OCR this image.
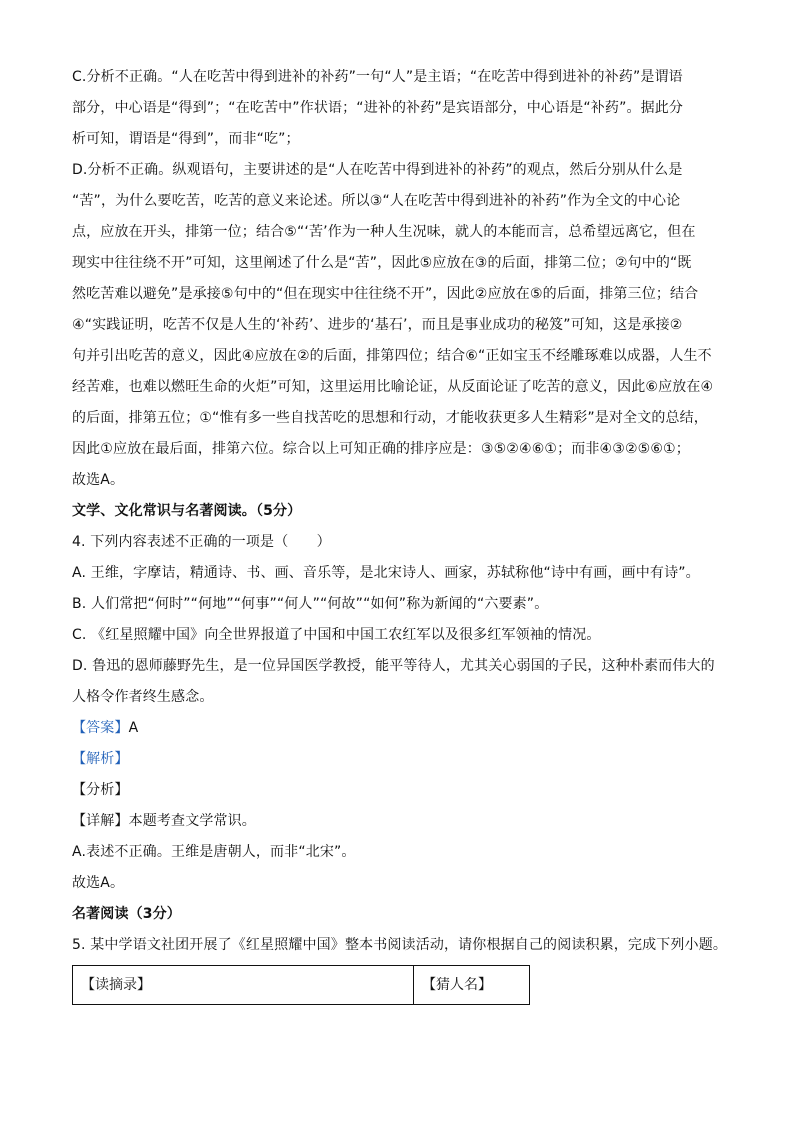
C.分析不正确。“人在吃苦中得到进补的补药”一句“人”是主语；“在吃苦中得到进补的补药”是谓语
部分，中心语是“得到”；“在吃苦中”作状语；“进补的补药”是宾语部分，中心语是“补药”。据此分
析可知，谓语是“得到”，而非“吃”；
D.分析不正确。纵观语句，主要讲述的是“人在吃苦中得到进补的补药”的观点，然后分别从什么是
“苦”，为什么要吃苦，吃苦的意义来论述。所以③“人在吃苦中得到进补的补药”作为全文的中心论
点，应放在开头，排第一位；结合⑤“‘苦’作为一种人生况味，就人的本能而言，总希望远离它，但在
现实中往往绕不开”可知，这里阐述了什么是“苦”，因此⑤应放在③的后面，排第二位；②句中的“既
然吃苦难以避免”是承接⑤句中的“但在现实中往往绕不开”，因此②应放在⑤的后面，排第三位；结合
④“实践证明，吃苦不仅是人生的‘补药’、进步的‘基石’，而且是事业成功的秘笈”可知，这是承接②
句并引出吃苦的意义，因此④应放在②的后面，排第四位；结合⑥“正如宝玉不经雕琢难以成器，人生不
经苦难，也难以燃旺生命的火炬”可知，这里运用比喻论证，从反面论证了吃苦的意义，因此⑥应放在④
的后面，排第五位；①“惟有多一些自找苦吃的思想和行动，才能收获更多人生精彩”是对全文的总结，
因此①应放在最后面，排第六位。综合以上可知正确的排序应是：③⑤②④⑥①；而非④③②⑤⑥①；
故选A。
文学、文化常识与名著阅读。（5分）
4. 下列内容表述不正确的一项是（　　）
A. 王维，字摩诘，精通诗、书、画、音乐等，是北宋诗人、画家，苏轼称他“诗中有画，画中有诗”。
B. 人们常把“何时”“何地”“何事”“何人”“何故”“如何”称为新闻的“六要素”。
C. 《红星照耀中国》向全世界报道了中国和中国工农红军以及很多红军领袖的情况。
D. 鲁迅的恩师藤野先生，是一位异国医学教授，能平等待人，尤其关心弱国的子民，这种朴素而伟大的
人格令作者终生感念。
【答案】A
【解析】
【分析】
【详解】本题考查文学常识。
A.表述不正确。王维是唐朝人，而非“北宋”。
故选A。
名著阅读（3分）
5. 某中学语文社团开展了《红星照耀中国》整本书阅读活动，请你根据自己的阅读积累，完成下列小题。
【读摘录】	【猜人名】
